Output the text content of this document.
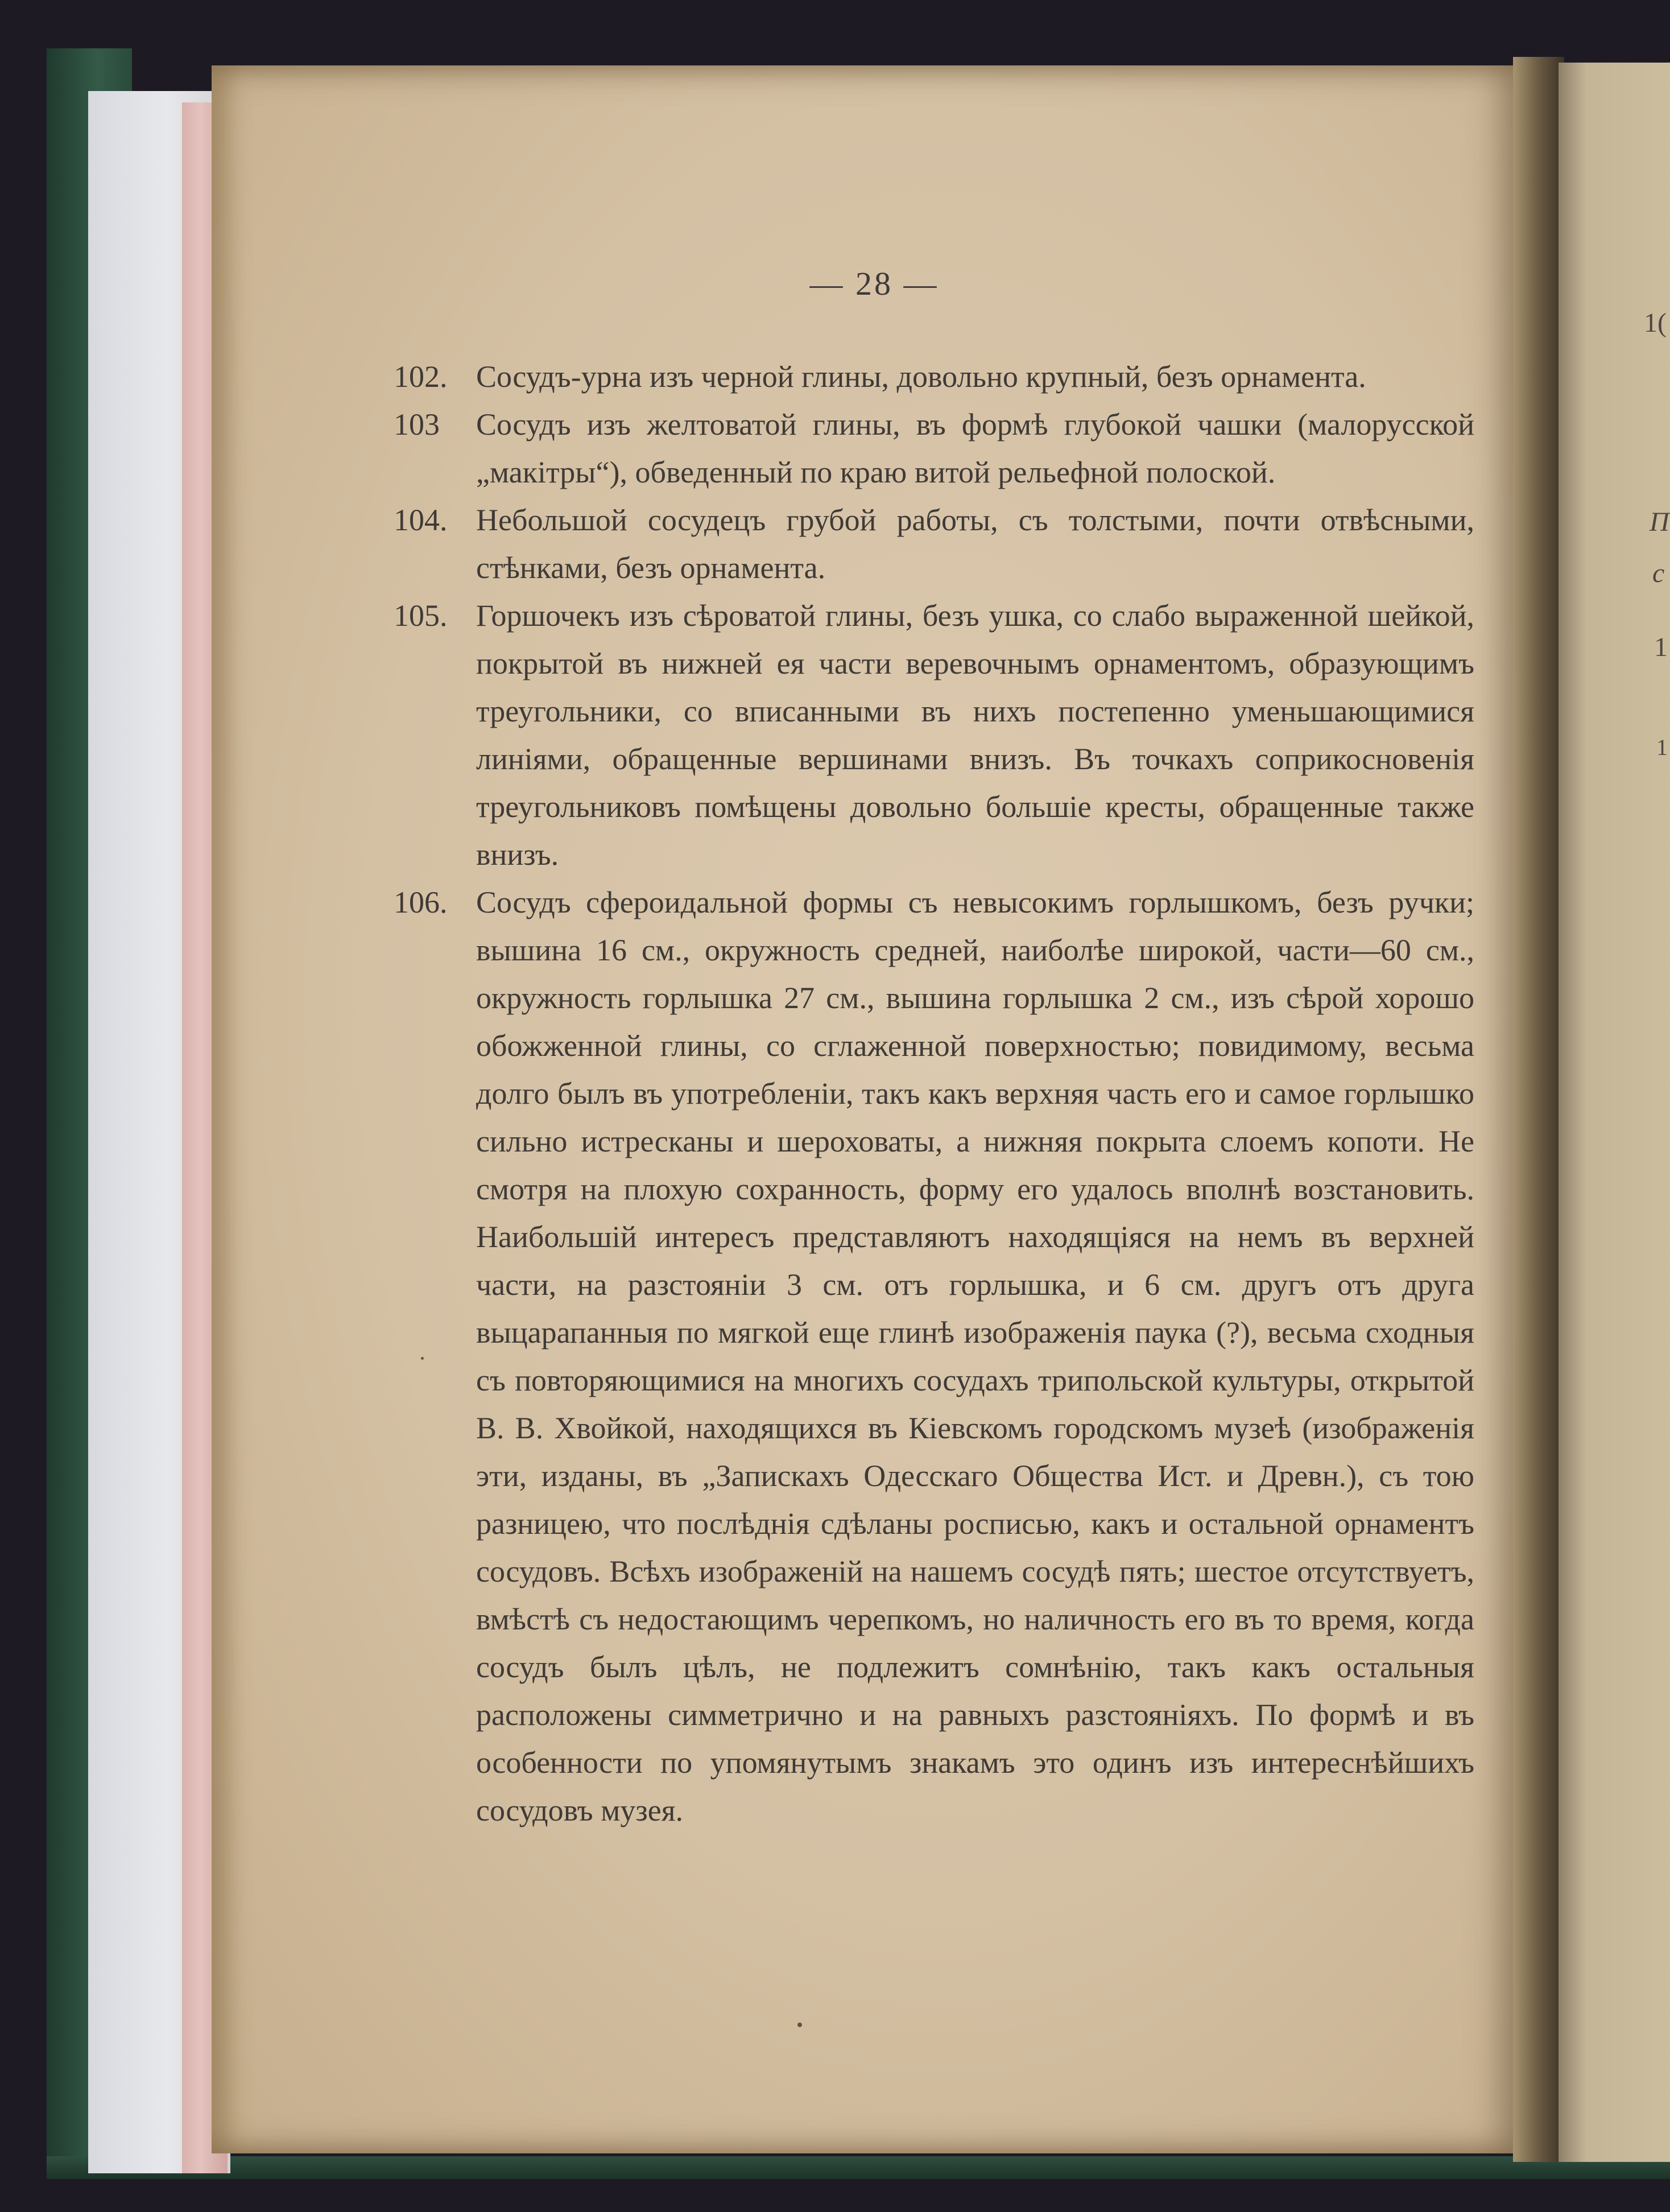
— 28 —
102. Сосудъ-урна изъ черной глины, довольно крупный, безъ орнамента.
103	Сосудъ изъ желтоватой глины, въ формѣ глубокой чашки (малорусской „макітры“), обведенный по краю витой рельефной полоской.
104. Небольшой сосудецъ грубой работы, съ толстыми, почти отвѣсными, стѣнками, безъ орнамента.
105. Горшочекъ изъ сѣроватой глины, безъ ушка, со слабо выраженной шейкой, покрытой въ нижней ея части веревочнымъ орнаментомъ, образующимъ треугольники, со вписанными въ нихъ постепенно уменьшающимися линіями, обращенные вершинами внизъ. Въ точкахъ соприкосновенія треугольниковъ помѣщены довольно большіе кресты, обращенные также внизъ.
106. Сосудъ сфероидальной формы съ невысокимъ горлышкомъ, безъ ручки; вышина 16 см., окружность средней, наиболѣе широкой, части—60 см., окружность горлышка 27 см., вышина горлышка 2 см., изъ сѣрой хорошо обожженной глины, со сглаженной поверхностью; повидимому, весьма долго былъ въ употребленіи, такъ какъ верхняя часть его и самое горлышко сильно истресканы и шероховаты, а нижняя покрыта слоемъ копоти. Не смотря на плохую сохранность, форму его удалось вполнѣ возстановить. Наибольшій интересъ представляютъ находящіяся на немъ въ верхней части, на разстояніи 3 см. отъ горлышка, и 6 см. другъ отъ друга выцарапанныя по мягкой еще глинѣ изображенія паука (?), весьма сходныя съ повторяющимися на многихъ сосудахъ трипольской культуры, открытой В. В. Хвойкой, находящихся въ Кіевскомъ городскомъ музеѣ (изображенія эти, изданы, въ „Запискахъ Одесскаго Общества Ист. и Древн.), съ тою разницею, что послѣднія сдѣланы росписью, какъ и остальной орнаментъ сосудовъ. Всѣхъ изображеній на нашемъ сосудѣ пять; шестое отсутствуетъ, вмѣстѣ съ недостающимъ черепкомъ, но наличность его въ то время, когда сосудъ былъ цѣлъ, не подлежитъ сомнѣнію, такъ какъ остальныя расположены симметрично и на равныхъ разстояніяхъ. По формѣ и въ особенности по упомянутымъ знакамъ это одинъ изъ интереснѣйшихъ сосудовъ музея.
1(
П
с
1
1
